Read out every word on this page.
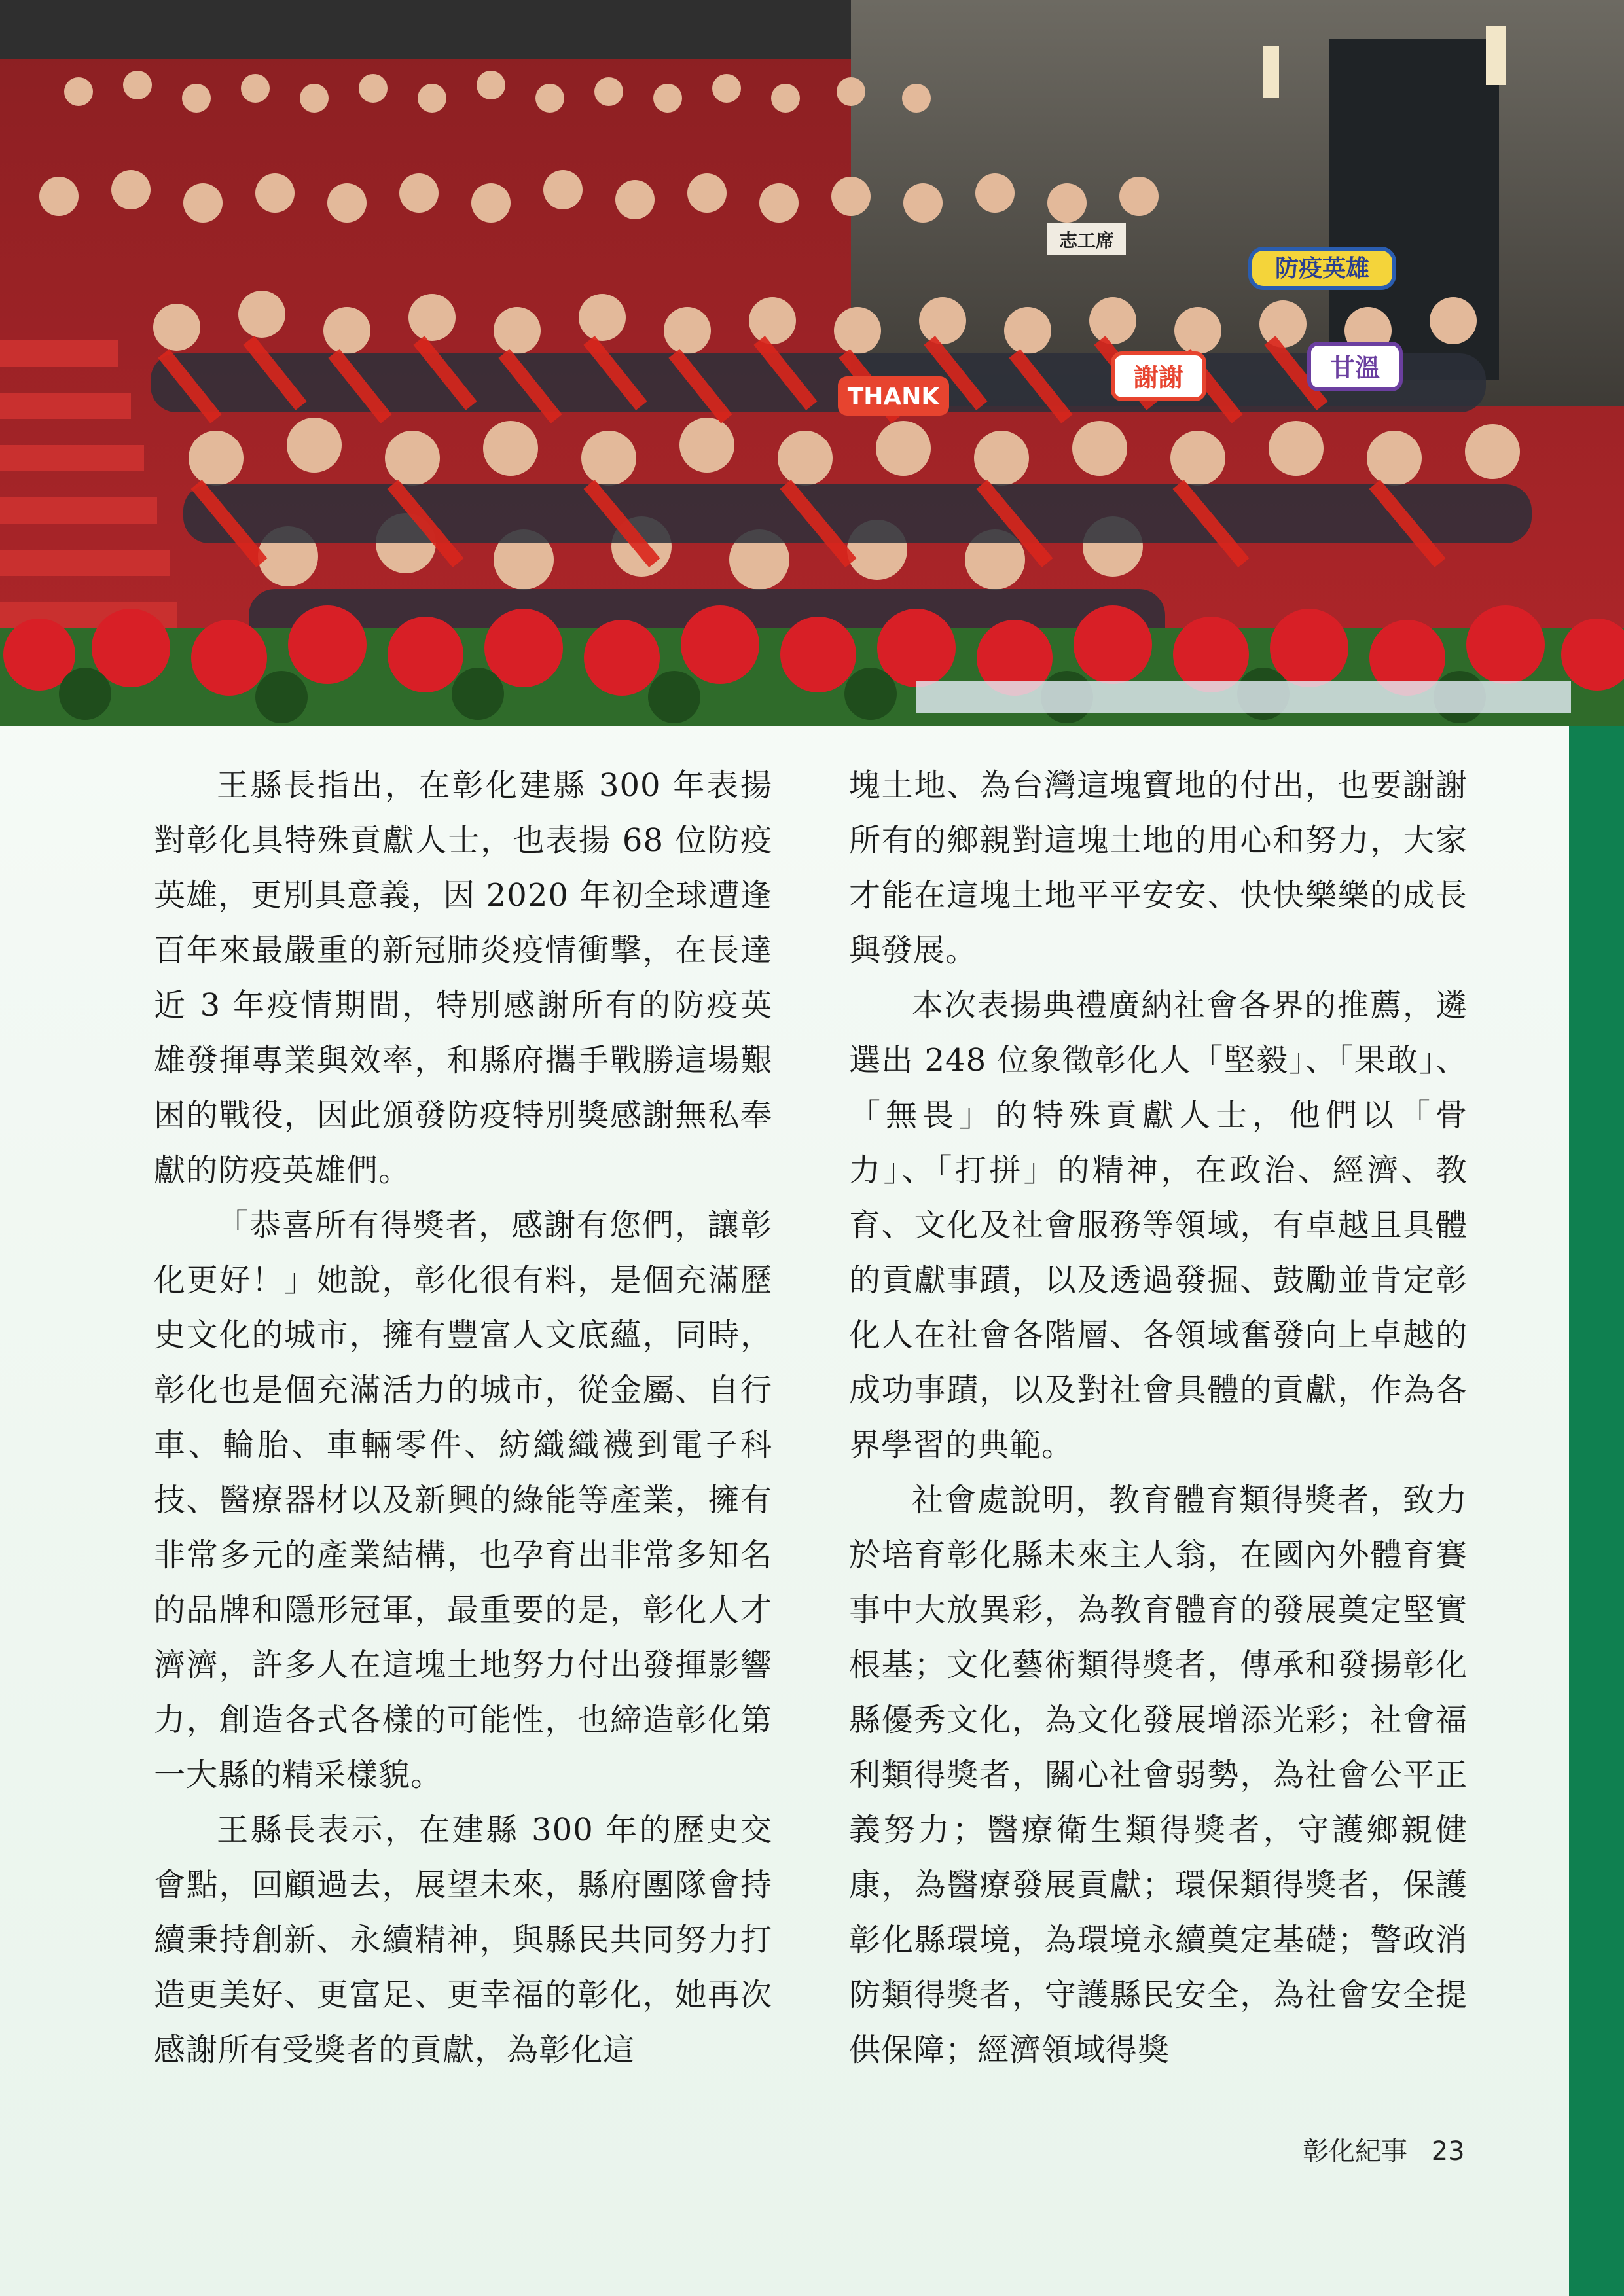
防疫英雄
THANK
謝謝	甘溫
志工席

王縣長指出，在彰化建縣 300 年表揚對彰化具特殊貢獻人士，也表揚 68 位防疫英雄，更別具意義，因 2020 年初全球遭逢百年來最嚴重的新冠肺炎疫情衝擊，在長達近 3 年疫情期間，特別感謝所有的防疫英雄發揮專業與效率，和縣府攜手戰勝這場艱困的戰役，因此頒發防疫特別獎感謝無私奉獻的防疫英雄們。

「恭喜所有得獎者，感謝有您們，讓彰化更好！」她說，彰化很有料，是個充滿歷史文化的城市，擁有豐富人文底蘊，同時，彰化也是個充滿活力的城市，從金屬、自行車、輪胎、車輛零件、紡織織襪到電子科技、醫療器材以及新興的綠能等產業，擁有非常多元的產業結構，也孕育出非常多知名的品牌和隱形冠軍，最重要的是，彰化人才濟濟，許多人在這塊土地努力付出發揮影響力，創造各式各樣的可能性，也締造彰化第一大縣的精采樣貌。

王縣長表示，在建縣 300 年的歷史交會點，回顧過去，展望未來，縣府團隊會持續秉持創新、永續精神，與縣民共同努力打造更美好、更富足、更幸福的彰化，她再次感謝所有受獎者的貢獻，為彰化這

塊土地、為台灣這塊寶地的付出，也要謝謝所有的鄉親對這塊土地的用心和努力，大家才能在這塊土地平平安安、快快樂樂的成長與發展。

本次表揚典禮廣納社會各界的推薦，遴選出 248 位象徵彰化人「堅毅」、「果敢」、「無畏」的特殊貢獻人士，他們以「骨力」、「打拼」的精神，在政治、經濟、教育、文化及社會服務等領域，有卓越且具體的貢獻事蹟，以及透過發掘、鼓勵並肯定彰化人在社會各階層、各領域奮發向上卓越的成功事蹟，以及對社會具體的貢獻，作為各界學習的典範。

社會處說明，教育體育類得獎者，致力於培育彰化縣未來主人翁，在國內外體育賽事中大放異彩，為教育體育的發展奠定堅實根基；文化藝術類得獎者，傳承和發揚彰化縣優秀文化，為文化發展增添光彩；社會福利類得獎者，關心社會弱勢，為社會公平正義努力；醫療衛生類得獎者，守護鄉親健康，為醫療發展貢獻；環保類得獎者，保護彰化縣環境，為環境永續奠定基礎；警政消防類得獎者，守護縣民安全，為社會安全提供保障；經濟領域得獎

彰化紀事 23
